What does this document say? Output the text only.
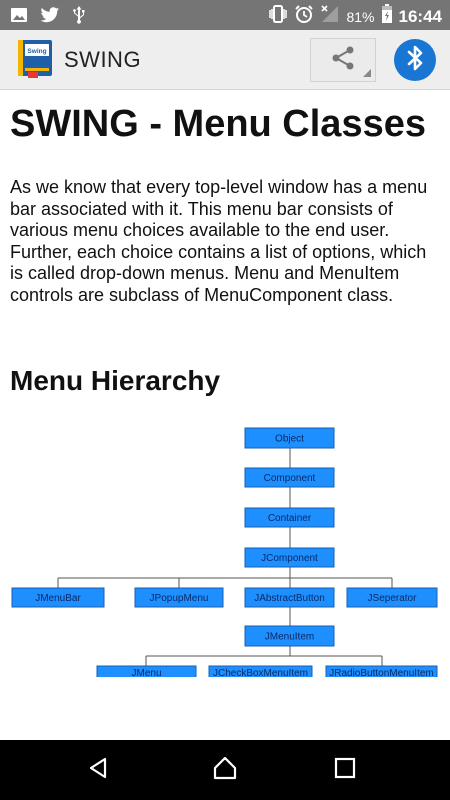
81% 16:44
Swing SWING
SWING - Menu Classes

As we know that every top-level window has a menu bar associated with it. This menu bar consists of various menu choices available to the end user. Further, each choice contains a list of options, which is called drop-down menus. Menu and MenuItem controls are subclass of MenuComponent class.

Menu Hierarchy
Object
Component
Container
JComponent
JMenuBar	JPopupMenu	JAbstractButton	JSeperator
JMenuItem
JMenu	JCheckBoxMenuItem JRadioButtonMenuItem
